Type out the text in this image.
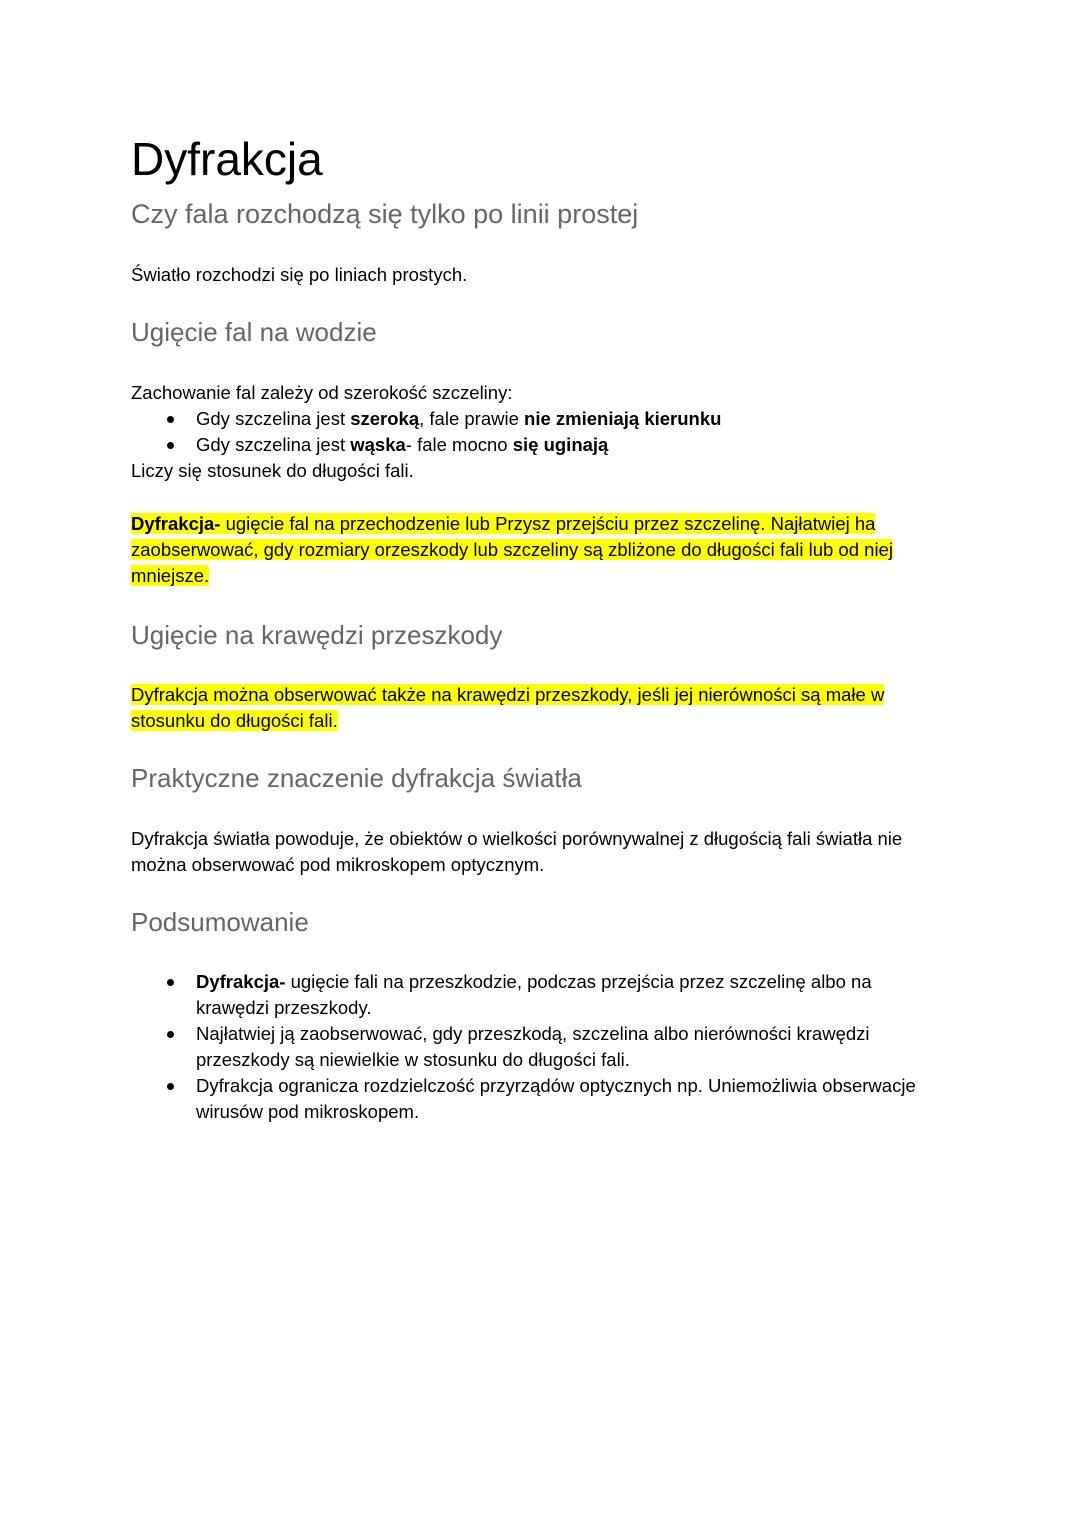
Dyfrakcja
Czy fala rozchodzą się tylko po linii prostej

Światło rozchodzi się po liniach prostych.

Ugięcie fal na wodzie

Zachowanie fal zależy od szerokość szczeliny:

Gdy szczelina jest szeroką, fale prawie nie zmieniają kierunku
Gdy szczelina jest wąska- fale mocno się uginają

Liczy się stosunek do długości fali.

Dyfrakcja- ugięcie fal na przechodzenie lub Przysz przejściu przez szczelinę. Najłatwiej ha zaobserwować, gdy rozmiary orzeszkody lub szczeliny są zbliżone do długości fali lub od niej mniejsze.

Ugięcie na krawędzi przeszkody

Dyfrakcja można obserwować także na krawędzi przeszkody, jeśli jej nierówności są małe w stosunku do długości fali.

Praktyczne znaczenie dyfrakcja światła

Dyfrakcja światła powoduje, że obiektów o wielkości porównywalnej z długością fali światła nie można obserwować pod mikroskopem optycznym.

Podsumowanie
Dyfrakcja- ugięcie fali na przeszkodzie, podczas przejścia przez szczelinę albo na krawędzi przeszkody.
Najłatwiej ją zaobserwować, gdy przeszkodą, szczelina albo nierówności krawędzi przeszkody są niewielkie w stosunku do długości fali.
Dyfrakcja ogranicza rozdzielczość przyrządów optycznych np. Uniemożliwia obserwacje wirusów pod mikroskopem.
